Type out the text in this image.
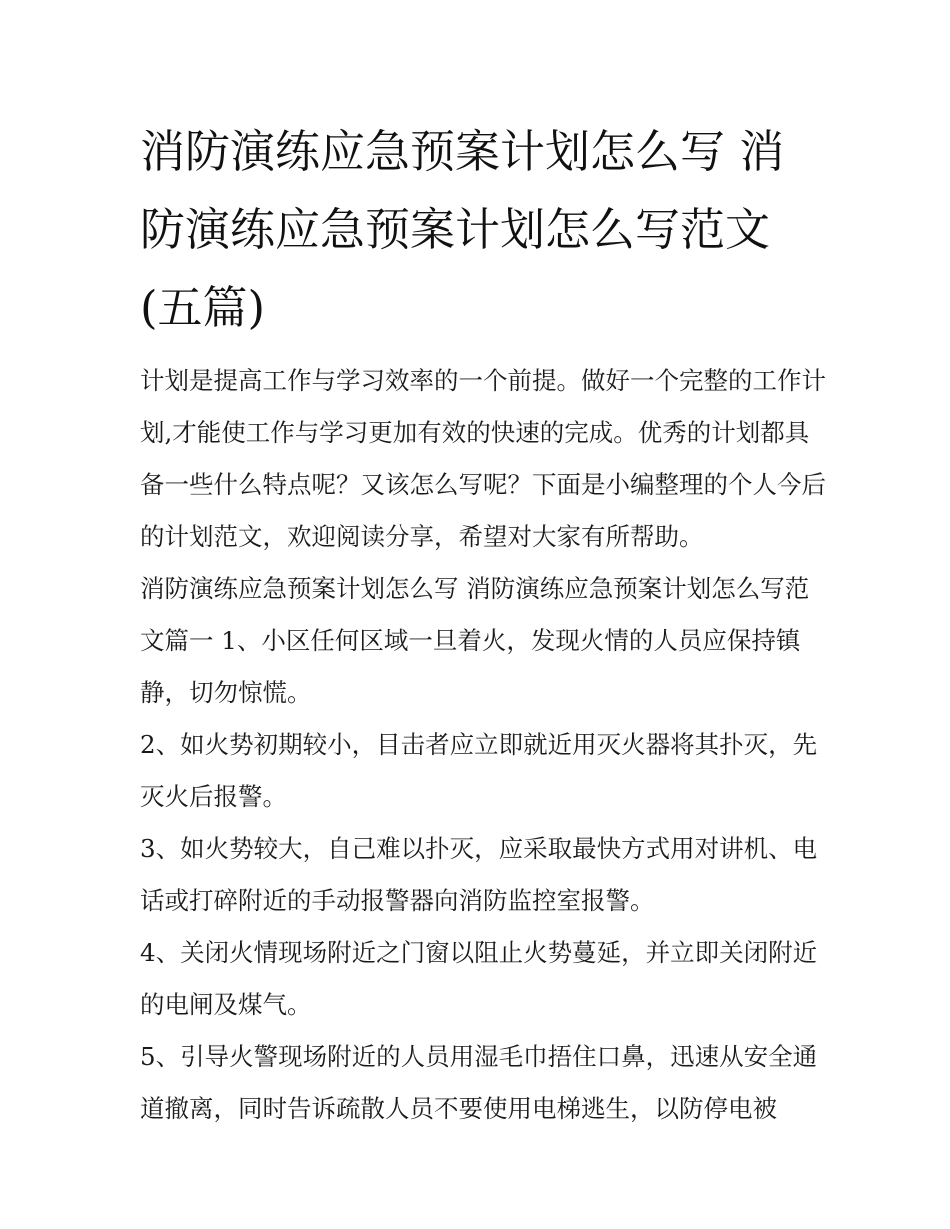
消防演练应急预案计划怎么写 消防演练应急预案计划怎么写范文(五篇)

计划是提高工作与学习效率的一个前提。做好一个完整的工作计划,才能使工作与学习更加有效的快速的完成。优秀的计划都具备一些什么特点呢？又该怎么写呢？下面是小编整理的个人今后的计划范文，欢迎阅读分享，希望对大家有所帮助。

消防演练应急预案计划怎么写 消防演练应急预案计划怎么写范文篇一 1、小区任何区域一旦着火，发现火情的人员应保持镇静，切勿惊慌。

2、如火势初期较小，目击者应立即就近用灭火器将其扑灭，先灭火后报警。

3、如火势较大，自己难以扑灭，应采取最快方式用对讲机、电话或打碎附近的手动报警器向消防监控室报警。

4、关闭火情现场附近之门窗以阻止火势蔓延，并立即关闭附近的电闸及煤气。

5、引导火警现场附近的人员用湿毛巾捂住口鼻，迅速从安全通道撤离，同时告诉疏散人员不要使用电梯逃生，以防停电被
